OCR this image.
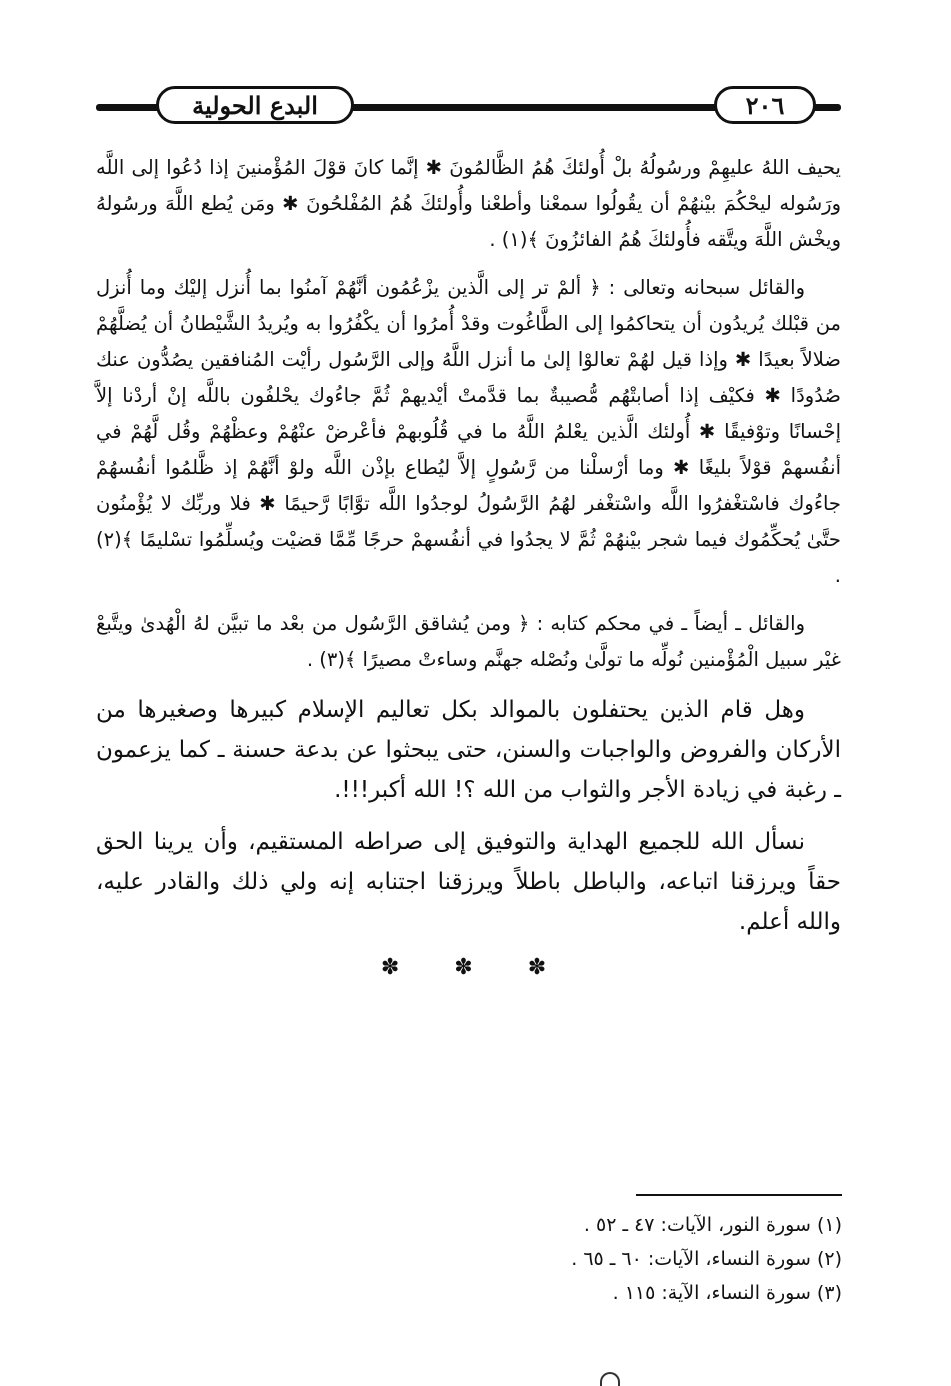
البدع الحولية	٢٠٦

يحيف اللهُ عليهِمْ ورسُولُهُ بلْ أُولئكَ هُمُ الظَّالمُونَ ✱ إنَّما كانَ قوْلَ المُؤْمنينَ إذا دُعُوا إلى اللَّه ورَسُوله ليحْكُمَ بيْنهُمْ أن يقُولُوا سمعْنا وأطعْنا وأُولئكَ هُمُ المُفْلحُونَ ✱ ومَن يُطع اللَّهَ ورسُولهُ ويخْش اللَّهَ ويتَّقه فأُولئكَ هُمُ الفائزُونَ ﴾(١) .

والقائل سبحانه وتعالى : ﴿ ألمْ تر إلى الَّذين يزْعُمُون أنَّهُمْ آمنُوا بما أُنزل إليْك وما أُنزل من قبْلك يُريدُون أن يتحاكمُوا إلى الطَّاغُوت وقدْ أُمرُوا أن يكْفُرُوا به ويُريدُ الشَّيْطانُ أن يُضلَّهُمْ ضلالاً بعيدًا ✱ وإذا قيل لهُمْ تعالوْا إلىٰ ما أنزل اللَّهُ وإلى الرَّسُول رأيْت المُنافقين يصُدُّون عنك صُدُودًا ✱ فكيْف إذا أصابتْهُم مُّصيبةٌ بما قدَّمتْ أيْديهمْ ثُمَّ جاءُوك يحْلفُون باللَّه إنْ أردْنا إلاَّ إحْسانًا وتوْفيقًا ✱ أُولئك الَّذين يعْلمُ اللَّهُ ما في قُلُوبهمْ فأعْرضْ عنْهُمْ وعظْهُمْ وقُل لَّهُمْ في أنفُسهمْ قوْلاً بليغًا ✱ وما أرْسلْنا من رَّسُولٍ إلاَّ ليُطاع بإذْن اللَّه ولوْ أنَّهُمْ إذ ظَّلمُوا أنفُسهُمْ جاءُوك فاسْتغْفرُوا اللَّه واسْتغْفر لهُمُ الرَّسُولُ لوجدُوا اللَّه توَّابًا رَّحيمًا ✱ فلا وربِّك لا يُؤْمنُون حتَّىٰ يُحكِّمُوك فيما شجر بيْنهُمْ ثُمَّ لا يجدُوا في أنفُسهمْ حرجًا مِّمَّا قضيْت ويُسلِّمُوا تسْليمًا ﴾(٢) .

والقائل ـ أيضاً ـ في محكم كتابه : ﴿ ومن يُشاقق الرَّسُول من بعْد ما تبيَّن لهُ الْهُدىٰ ويتَّبعْ غيْر سبيل الْمُؤْمنين نُولِّه ما تولَّىٰ ونُصْله جهنَّم وساءتْ مصيرًا ﴾(٣) .

وهل قام الذين يحتفلون بالموالد بكل تعاليم الإسلام كبيرها وصغيرها من الأركان والفروض والواجبات والسنن، حتى يبحثوا عن بدعة حسنة ـ كما يزعمون ـ رغبة في زيادة الأجر والثواب من الله ؟! الله أكبر!!!.

نسأل الله للجميع الهداية والتوفيق إلى صراطه المستقيم، وأن يرينا الحق حقاً ويرزقنا اتباعه، والباطل باطلاً ويرزقنا اجتنابه إنه ولي ذلك والقادر عليه، والله أعلم.

✽ ✽ ✽

(١) سورة النور، الآيات: ٤٧ ـ ٥٢ .

(٢) سورة النساء، الآيات: ٦٠ ـ ٦٥ .

(٣) سورة النساء، الآية: ١١٥ .
